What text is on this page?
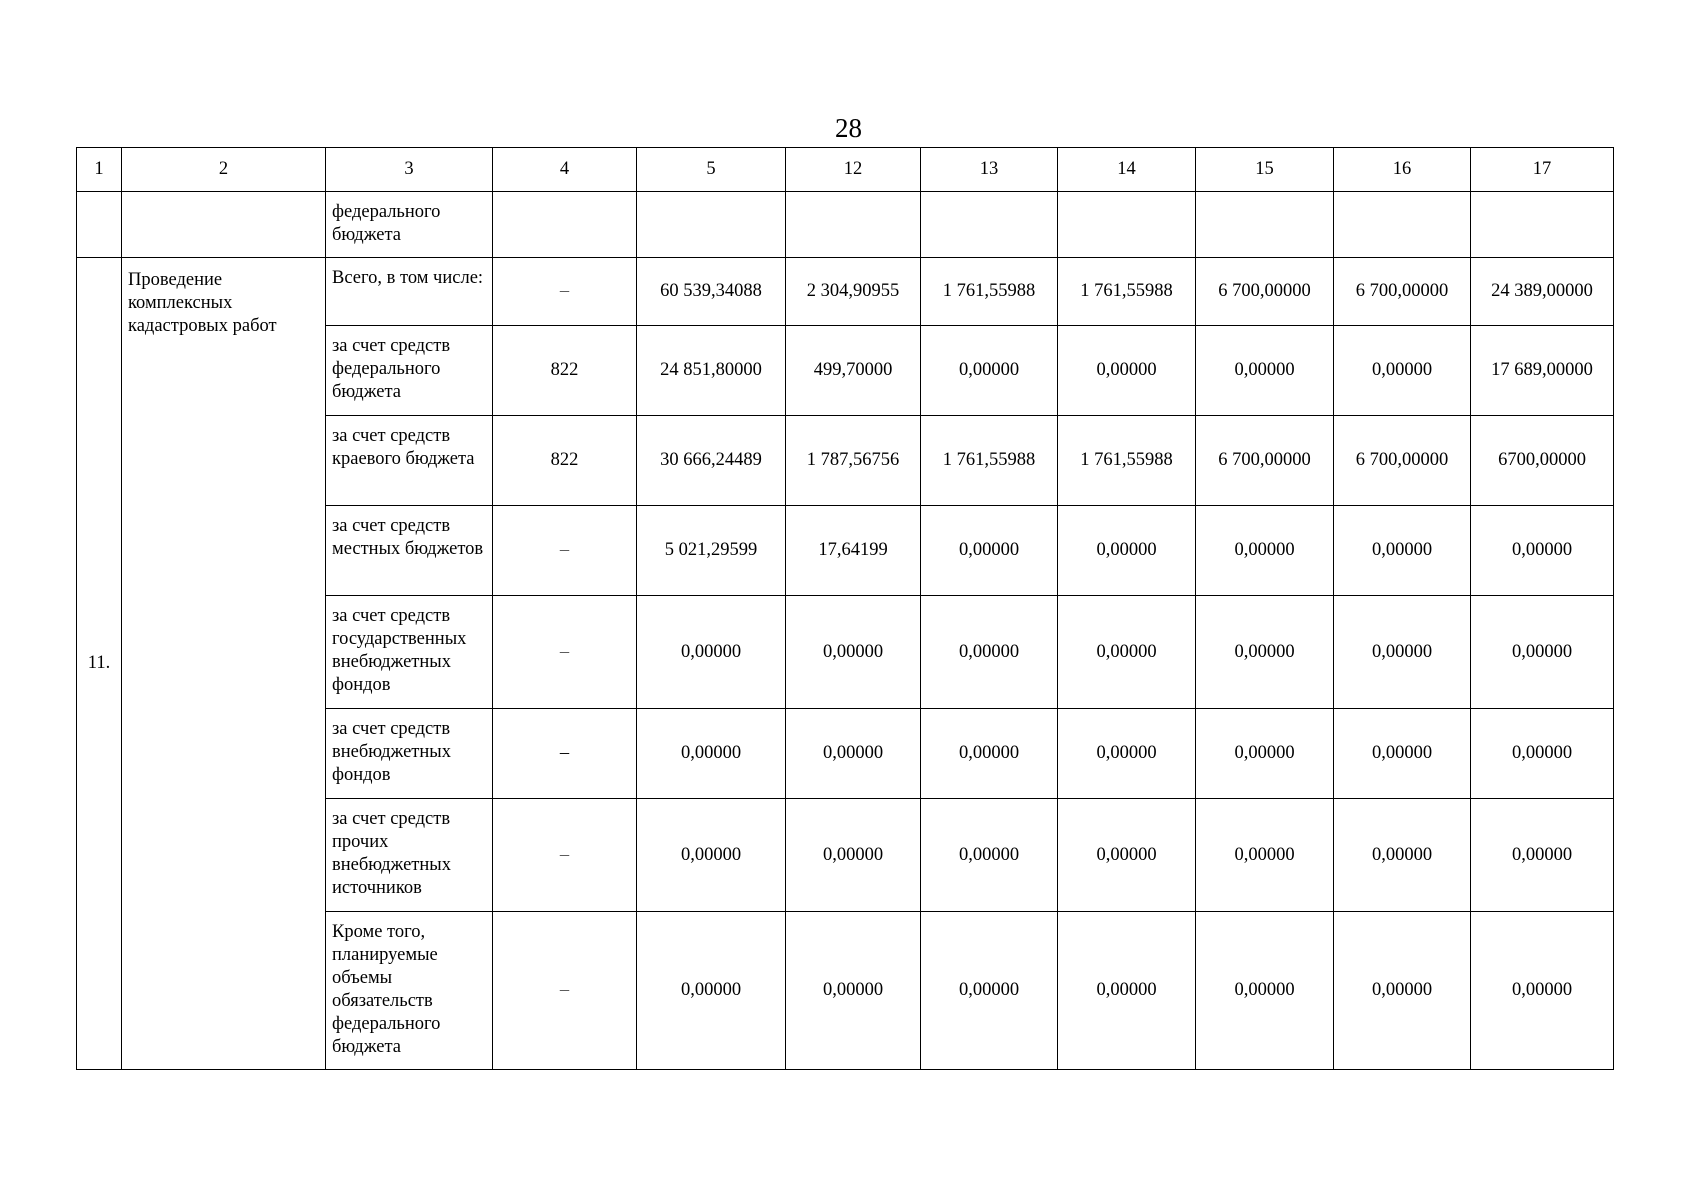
28
1	2	3	4	5	12	13	14	15	16	17
		федерального бюджета								
11.	Проведение комплексных кадастровых работ	Всего, в том числе:	–	60 539,34088	2 304,90955	1 761,55988	1 761,55988	6 700,00000	6 700,00000	24 389,00000
		за счет средств федерального бюджета	822	24 851,80000	499,70000	0,00000	0,00000	0,00000	0,00000	17 689,00000
		за счет средств краевого бюджета	822	30 666,24489	1 787,56756	1 761,55988	1 761,55988	6 700,00000	6 700,00000	6700,00000
		за счет средств местных бюджетов	–	5 021,29599	17,64199	0,00000	0,00000	0,00000	0,00000	0,00000
		за счет средств государственных внебюджетных фондов	–	0,00000	0,00000	0,00000	0,00000	0,00000	0,00000	0,00000
		за счет средств внебюджетных фондов	–	0,00000	0,00000	0,00000	0,00000	0,00000	0,00000	0,00000
		за счет средств прочих внебюджетных источников	–	0,00000	0,00000	0,00000	0,00000	0,00000	0,00000	0,00000
		Кроме того, планируемые объемы обязательств федерального бюджета	–	0,00000	0,00000	0,00000	0,00000	0,00000	0,00000	0,00000
